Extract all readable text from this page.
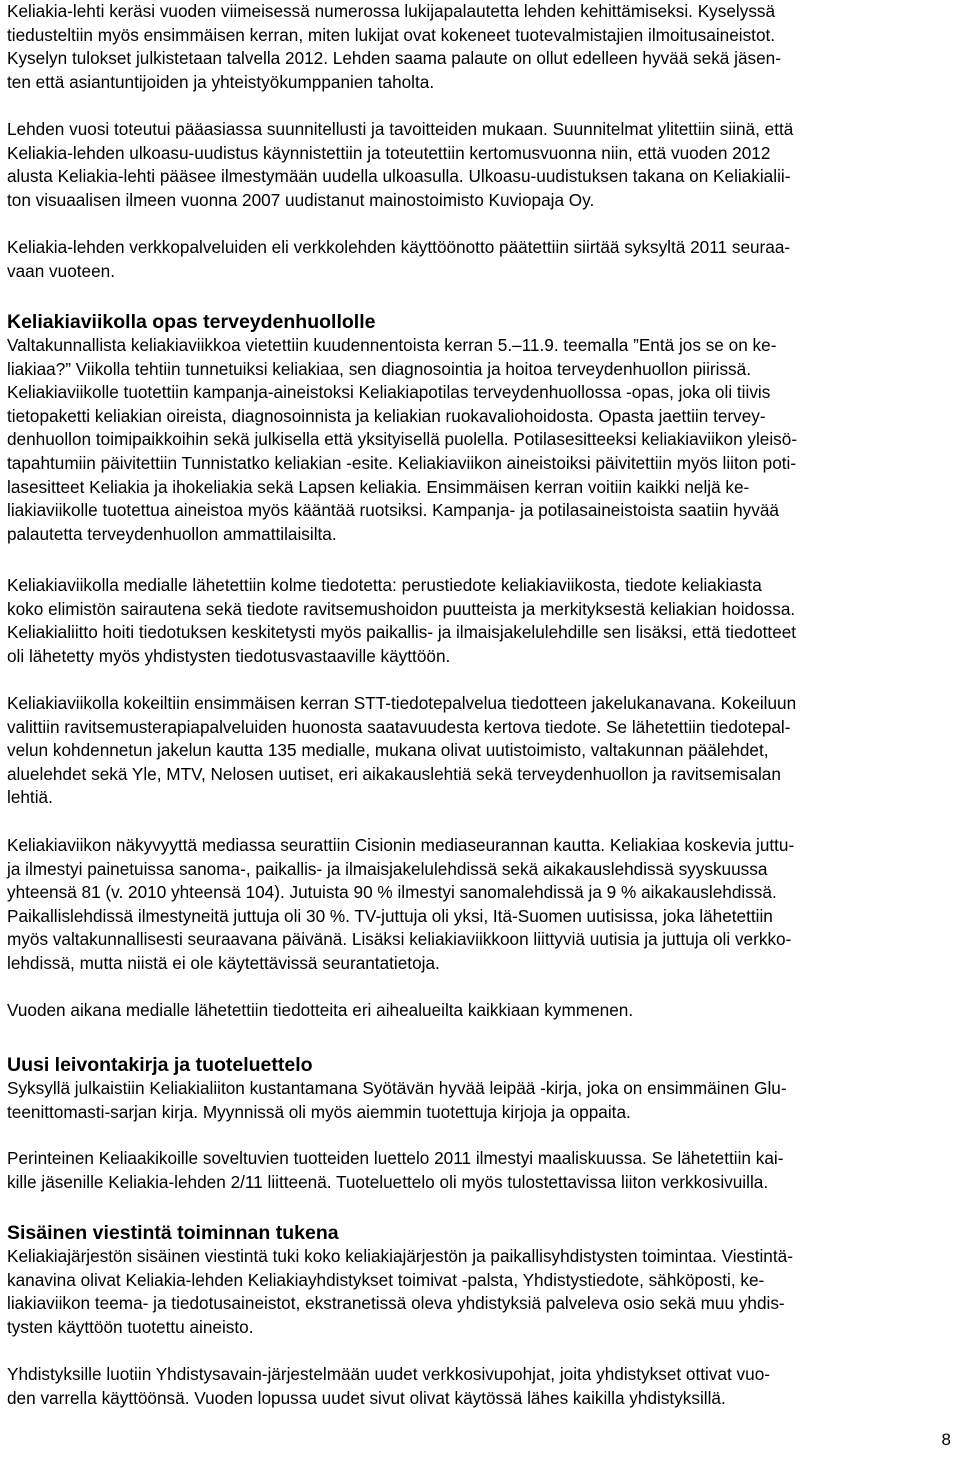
Keliakia-lehti keräsi vuoden viimeisessä numerossa lukijapalautetta lehden kehittämiseksi. Kyselyssä
tiedusteltiin myös ensimmäisen kerran, miten lukijat ovat kokeneet tuotevalmistajien ilmoitusaineistot.
Kyselyn tulokset julkistetaan talvella 2012. Lehden saama palaute on ollut edelleen hyvää sekä jäsen-
ten että asiantuntijoiden ja yhteistyökumppanien taholta.
Lehden vuosi toteutui pääasiassa suunnitellusti ja tavoitteiden mukaan. Suunnitelmat ylitettiin siinä, että
Keliakia-lehden ulkoasu-uudistus käynnistettiin ja toteutettiin kertomusvuonna niin, että vuoden 2012
alusta Keliakia-lehti pääsee ilmestymään uudella ulkoasulla. Ulkoasu-uudistuksen takana on Keliakialii-
ton visuaalisen ilmeen vuonna 2007 uudistanut mainostoimisto Kuviopaja Oy.
Keliakia-lehden verkkopalveluiden eli verkkolehden käyttöönotto päätettiin siirtää syksyltä 2011 seuraa-
vaan vuoteen.
Keliakiaviikolla opas terveydenhuollolle
Valtakunnallista keliakiaviikkoa vietettiin kuudennentoista kerran 5.–11.9. teemalla ”Entä jos se on ke-
liakiaa?” Viikolla tehtiin tunnetuiksi keliakiaa, sen diagnosointia ja hoitoa terveydenhuollon piirissä.
Keliakiaviikolle tuotettiin kampanja-aineistoksi Keliakiapotilas terveydenhuollossa -opas, joka oli tiivis
tietopaketti keliakian oireista, diagnosoinnista ja keliakian ruokavaliohoidosta. Opasta jaettiin tervey-
denhuollon toimipaikkoihin sekä julkisella että yksityisellä puolella. Potilasesitteeksi keliakiaviikon yleisö-
tapahtumiin päivitettiin Tunnistatko keliakian -esite. Keliakiaviikon aineistoiksi päivitettiin myös liiton poti-
lasesitteet Keliakia ja ihokeliakia sekä Lapsen keliakia. Ensimmäisen kerran voitiin kaikki neljä ke-
liakiaviikolle tuotettua aineistoa myös kääntää ruotsiksi. Kampanja- ja potilasaineistoista saatiin hyvää
palautetta terveydenhuollon ammattilaisilta.
Keliakiaviikolla medialle lähetettiin kolme tiedotetta: perustiedote keliakiaviikosta, tiedote keliakiasta
koko elimistön sairautena sekä tiedote ravitsemushoidon puutteista ja merkityksestä keliakian hoidossa.
Keliakialiitto hoiti tiedotuksen keskitetysti myös paikallis- ja ilmaisjakelulehdille sen lisäksi, että tiedotteet
oli lähetetty myös yhdistysten tiedotusvastaaville käyttöön.
Keliakiaviikolla kokeiltiin ensimmäisen kerran STT-tiedotepalvelua tiedotteen jakelukanavana. Kokeiluun
valittiin ravitsemusterapiapalveluiden huonosta saatavuudesta kertova tiedote. Se lähetettiin tiedotepal-
velun kohdennetun jakelun kautta 135 medialle, mukana olivat uutistoimisto, valtakunnan päälehdet,
aluelehdet sekä Yle, MTV, Nelosen uutiset, eri aikakauslehtiä sekä terveydenhuollon ja ravitsemisalan
lehtiä.
Keliakiaviikon näkyvyyttä mediassa seurattiin Cisionin mediaseurannan kautta. Keliakiaa koskevia juttu-
ja ilmestyi painetuissa sanoma-, paikallis- ja ilmaisjakelulehdissä sekä aikakauslehdissä syyskuussa
yhteensä 81 (v. 2010 yhteensä 104). Jutuista 90 % ilmestyi sanomalehdissä ja 9 % aikakauslehdissä.
Paikallislehdissä ilmestyneitä juttuja oli 30 %. TV-juttuja oli yksi, Itä-Suomen uutisissa, joka lähetettiin
myös valtakunnallisesti seuraavana päivänä. Lisäksi keliakiaviikkoon liittyviä uutisia ja juttuja oli verkko-
lehdissä, mutta niistä ei ole käytettävissä seurantatietoja.
Vuoden aikana medialle lähetettiin tiedotteita eri aihealueilta kaikkiaan kymmenen.
Uusi leivontakirja ja tuoteluettelo
Syksyllä julkaistiin Keliakialiiton kustantamana Syötävän hyvää leipää -kirja, joka on ensimmäinen Glu-
teenittomasti-sarjan kirja. Myynnissä oli myös aiemmin tuotettuja kirjoja ja oppaita.
Perinteinen Keliaakikoille soveltuvien tuotteiden luettelo 2011 ilmestyi maaliskuussa. Se lähetettiin kai-
kille jäsenille Keliakia-lehden 2/11 liitteenä. Tuoteluettelo oli myös tulostettavissa liiton verkkosivuilla.
Sisäinen viestintä toiminnan tukena
Keliakiajärjestön sisäinen viestintä tuki koko keliakiajärjestön ja paikallisyhdistysten toimintaa. Viestintä-
kanavina olivat Keliakia-lehden Keliakiayhdistykset toimivat -palsta, Yhdistystiedote, sähköposti, ke-
liakiaviikon teema- ja tiedotusaineistot, ekstranetissä oleva yhdistyksiä palveleva osio sekä muu yhdis-
tysten käyttöön tuotettu aineisto.
Yhdistyksille luotiin Yhdistysavain-järjestelmään uudet verkkosivupohjat, joita yhdistykset ottivat vuo-
den varrella käyttöönsä. Vuoden lopussa uudet sivut olivat käytössä lähes kaikilla yhdistyksillä.
8
